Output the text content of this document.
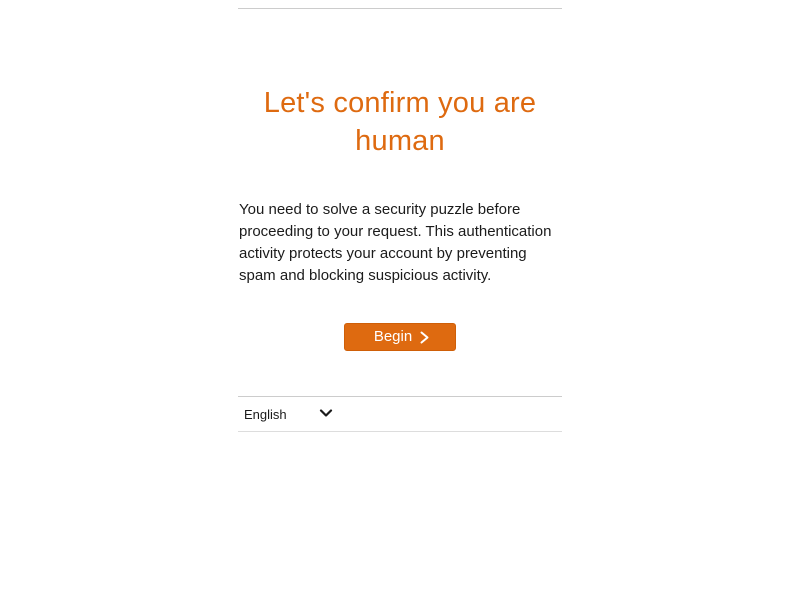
Let's confirm you are human

You need to solve a security puzzle before proceeding to your request. This authentication activity protects your account by preventing spam and blocking suspicious activity.

Begin
English
